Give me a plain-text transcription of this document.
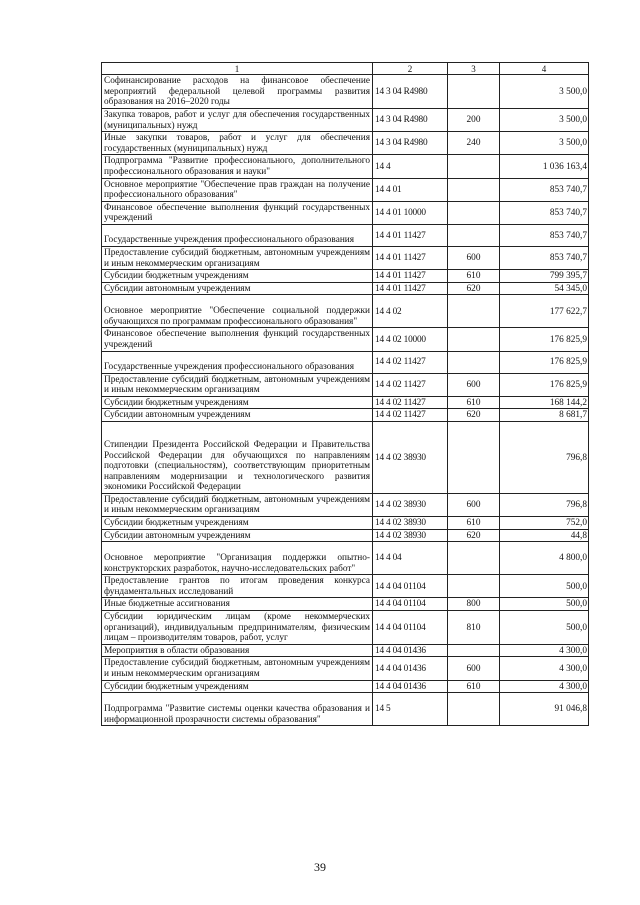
1	2	3	4
Софинансирование расходов на финансовое обеспечение мероприятий федеральной целевой программы развития образования на 2016–2020 годы	14 3 04 R4980		3 500,0
Закупка товаров, работ и услуг для обеспечения государственных (муниципальных) нужд	14 3 04 R4980	200	3 500,0
Иные закупки товаров, работ и услуг для обеспечения государственных (муниципальных) нужд	14 3 04 R4980	240	3 500,0
Подпрограмма "Развитие профессионального, дополнительного профессионального образования и науки"	14 4		1 036 163,4
Основное мероприятие "Обеспечение прав граждан на получение профессионального образования"	14 4 01		853 740,7
Финансовое обеспечение выполнения функций государственных учреждений	14 4 01 10000		853 740,7
Государственные учреждения профессионального образования	14 4 01 11427		853 740,7
Предоставление субсидий бюджетным, автономным учреждениям и иным некоммерческим организациям	14 4 01 11427	600	853 740,7
Субсидии бюджетным учреждениям	14 4 01 11427	610	799 395,7
Субсидии автономным учреждениям	14 4 01 11427	620	54 345,0
Основное мероприятие "Обеспечение социальной поддержки обучающихся по программам профессионального образования"	14 4 02		177 622,7
Финансовое обеспечение выполнения функций государственных учреждений	14 4 02 10000		176 825,9
Государственные учреждения профессионального образования	14 4 02 11427		176 825,9
Предоставление субсидий бюджетным, автономным учреждениям и иным некоммерческим организациям	14 4 02 11427	600	176 825,9
Субсидии бюджетным учреждениям	14 4 02 11427	610	168 144,2
Субсидии автономным учреждениям	14 4 02 11427	620	8 681,7
Стипендии Президента Российской Федерации и Правительства Российской Федерации для обучающихся по направлениям подготовки (специальностям), соответствующим приоритетным направлениям модернизации и технологического развития экономики Российской Федерации	14 4 02 38930		796,8
Предоставление субсидий бюджетным, автономным учреждениям и иным некоммерческим организациям	14 4 02 38930	600	796,8
Субсидии бюджетным учреждениям	14 4 02 38930	610	752,0
Субсидии автономным учреждениям	14 4 02 38930	620	44,8
Основное мероприятие "Организация поддержки опытно-конструкторских разработок, научно-исследовательских работ"	14 4 04		4 800,0
Предоставление грантов по итогам проведения конкурса фундаментальных исследований	14 4 04 01104		500,0
Иные бюджетные ассигнования	14 4 04 01104	800	500,0
Субсидии юридическим лицам (кроме некоммерческих организаций), индивидуальным предпринимателям, физическим лицам – производителям товаров, работ, услуг	14 4 04 01104	810	500,0
Мероприятия в области образования	14 4 04 01436		4 300,0
Предоставление субсидий бюджетным, автономным учреждениям и иным некоммерческим организациям	14 4 04 01436	600	4 300,0
Субсидии бюджетным учреждениям	14 4 04 01436	610	4 300,0
Подпрограмма "Развитие системы оценки качества образования и информационной прозрачности системы образования"	14 5		91 046,8
39
